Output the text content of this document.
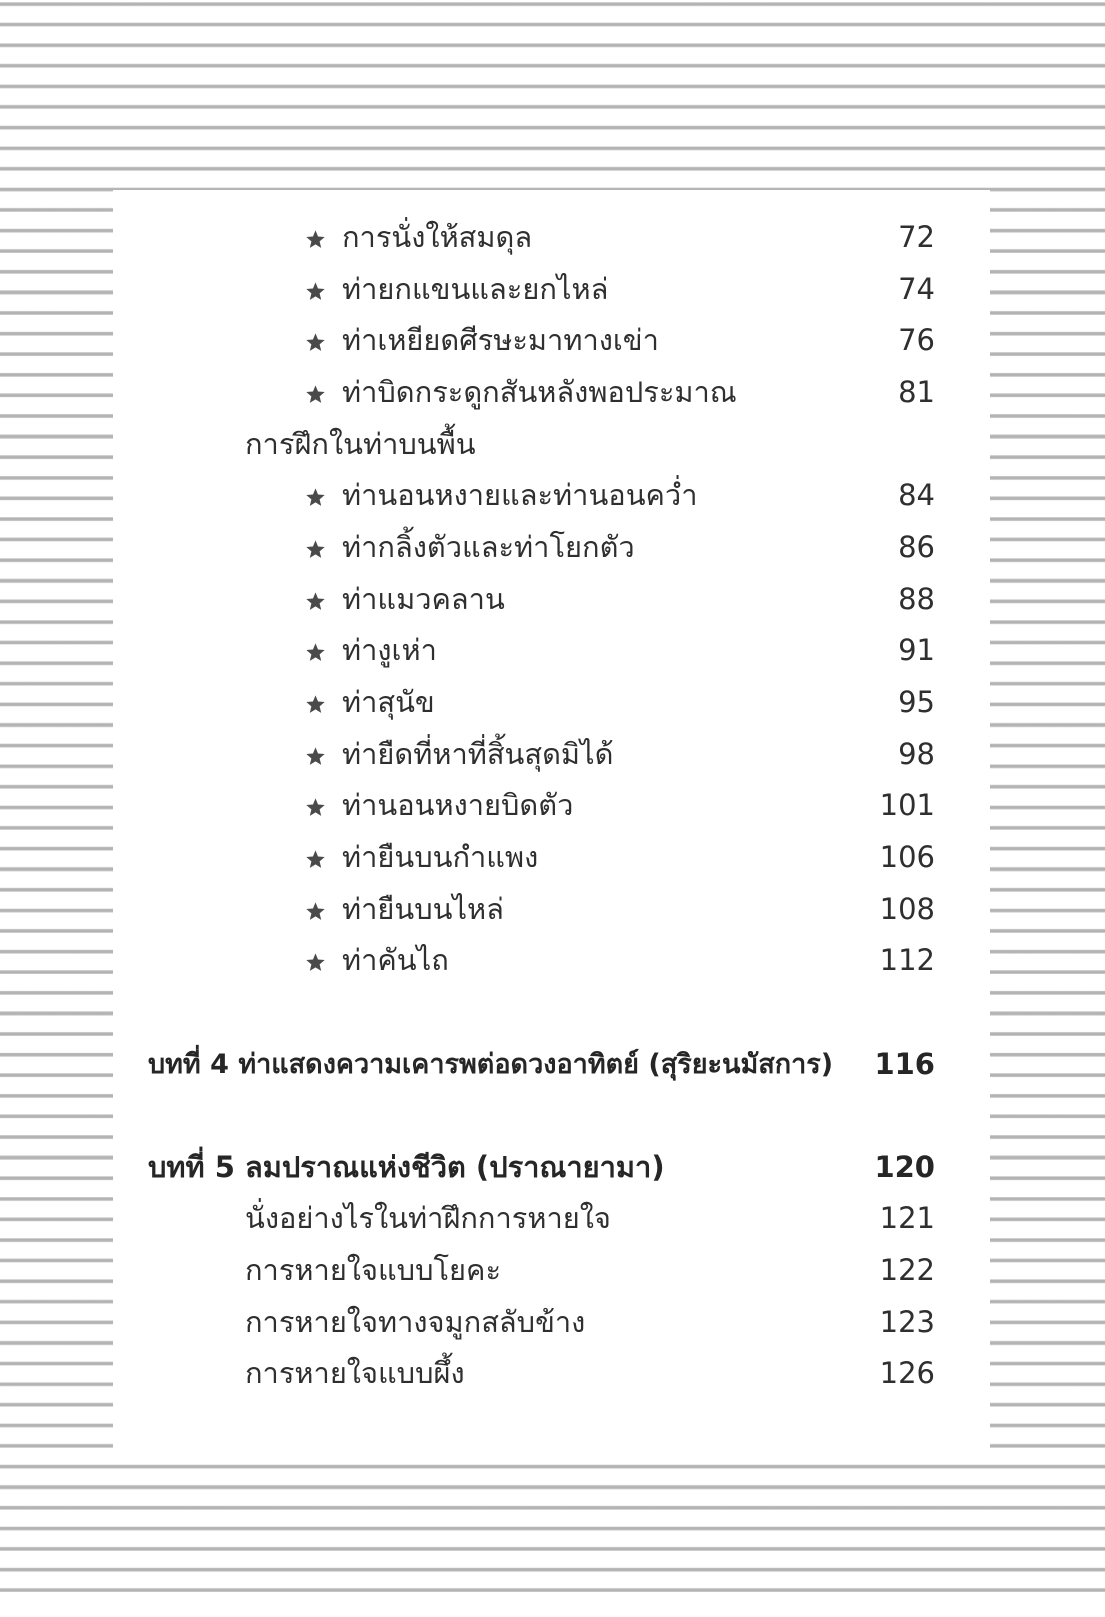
การนั่งให้สมดุล	72
ท่ายกแขนและยกไหล่	74
ท่าเหยียดศีรษะมาทางเข่า	76
ท่าบิดกระดูกสันหลังพอประมาณ	81
การฝึกในท่าบนพื้น
ท่านอนหงายและท่านอนคว่ำ	84
ท่ากลิ้งตัวและท่าโยกตัว	86
ท่าแมวคลาน	88
ท่างูเห่า	91
ท่าสุนัข	95
ท่ายืดที่หาที่สิ้นสุดมิได้	98
ท่านอนหงายบิดตัว	101
ท่ายืนบนกำแพง	106
ท่ายืนบนไหล่	108
ท่าคันไถ	112
บทที่ 4 ท่าแสดงความเคารพต่อดวงอาทิตย์ (สุริยะนมัสการ) 116
บทที่ 5 ลมปราณแห่งชีวิต (ปราณายามา)	120
นั่งอย่างไรในท่าฝึกการหายใจ	121
การหายใจแบบโยคะ	122
การหายใจทางจมูกสลับข้าง	123
การหายใจแบบผึ้ง	126
